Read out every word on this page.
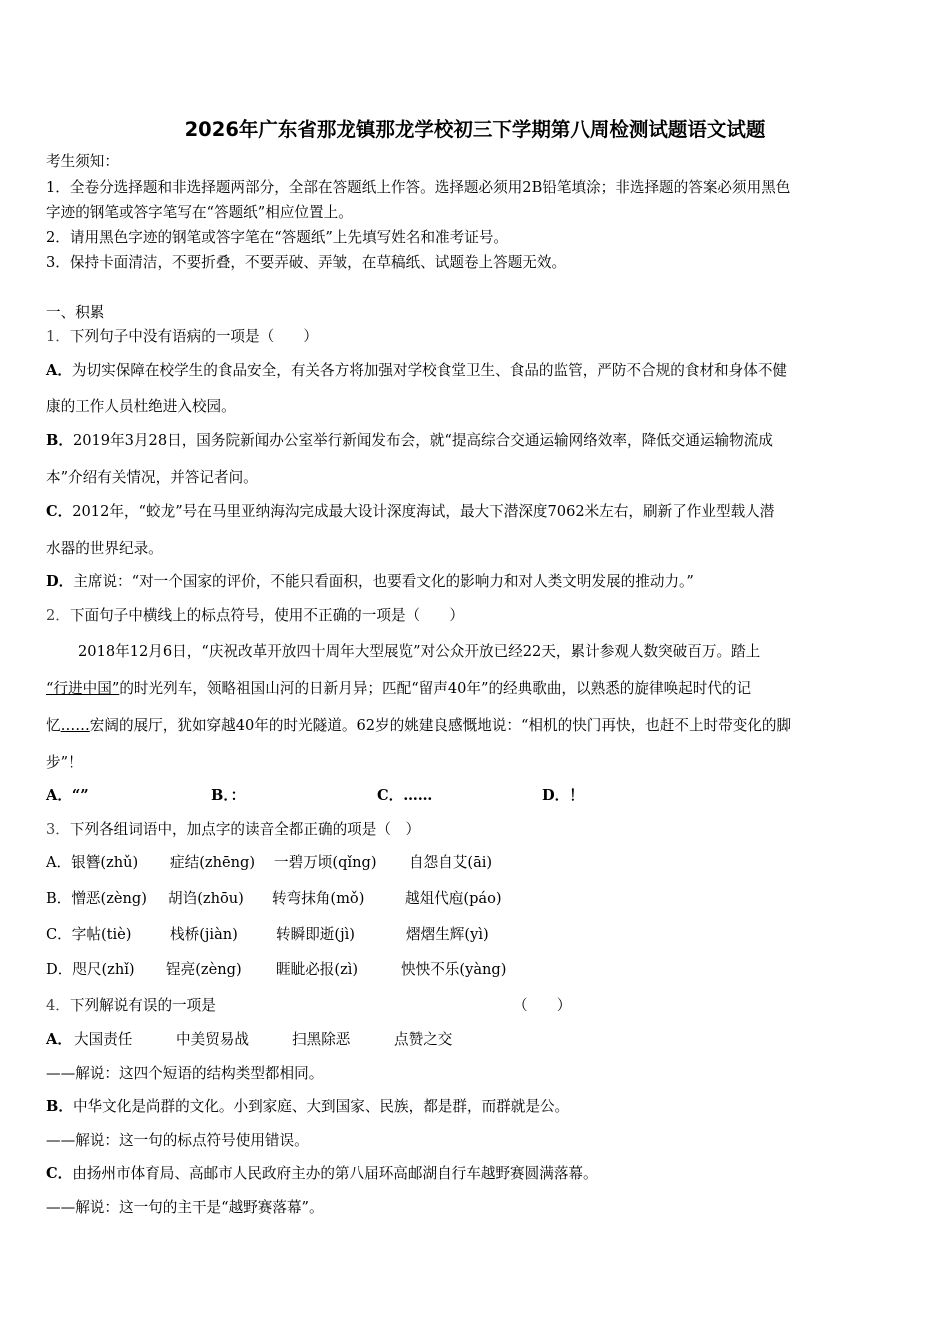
2026年广东省那龙镇那龙学校初三下学期第八周检测试题语文试题
考生须知：
1．全卷分选择题和非选择题两部分，全部在答题纸上作答。选择题必须用2B铅笔填涂；非选择题的答案必须用黑色
字迹的钢笔或答字笔写在“答题纸”相应位置上。
2．请用黑色字迹的钢笔或答字笔在“答题纸”上先填写姓名和准考证号。
3．保持卡面清洁，不要折叠，不要弄破、弄皱，在草稿纸、试题卷上答题无效。
一、积累
1．下列句子中没有语病的一项是（　　）
A．为切实保障在校学生的食品安全，有关各方将加强对学校食堂卫生、食品的监管，严防不合规的食材和身体不健
康的工作人员杜绝进入校园。
B．2019年3月28日，国务院新闻办公室举行新闻发布会，就“提高综合交通运输网络效率，降低交通运输物流成
本”介绍有关情况，并答记者问。
C．2012年，“蛟龙”号在马里亚纳海沟完成最大设计深度海试，最大下潜深度7062米左右，刷新了作业型载人潜
水器的世界纪录。
D．主席说：“对一个国家的评价，不能只看面积，也要看文化的影响力和对人类文明发展的推动力。”
2．下面句子中横线上的标点符号，使用不正确的一项是（　　）
2018年12月6日，“庆祝改革开放四十周年大型展览”对公众开放已经22天，累计参观人数突破百万。踏上
“行进中国”的时光列车，领略祖国山河的日新月异；匹配“留声40年”的经典歌曲，以熟悉的旋律唤起时代的记
忆……宏阔的展厅，犹如穿越40年的时光隧道。62岁的姚建良感慨地说：“相机的快门再快，也赶不上时带变化的脚
步”！
A．“”	B．：	C．……	D．！
3．下列各组词语中，加点字的读音全都正确的项是（　）
A．银簪(zhǔ) 症结(zhēng) 一碧万顷(qǐng) 自怨自艾(āi)
B．憎恶(zèng) 胡诌(zhōu) 转弯抹角(mǒ)	越俎代庖(páo)
C．字帖(tiè)	栈桥(jiàn)	转瞬即逝(jì)	熠熠生辉(yì)
D．咫尺(zhǐ) 锃亮(zèng) 睚眦必报(zì)	怏怏不乐(yàng)
4．下列解说有误的一项是	（　　）
A． 大国责任	中美贸易战	扫黑除恶	点赞之交
——解说：这四个短语的结构类型都相同。
B．中华文化是尚群的文化。小到家庭、大到国家、民族，都是群，而群就是公。
——解说：这一句的标点符号使用错误。
C．由扬州市体育局、高邮市人民政府主办的第八届环高邮湖自行车越野赛圆满落幕。
——解说：这一句的主干是“越野赛落幕”。
